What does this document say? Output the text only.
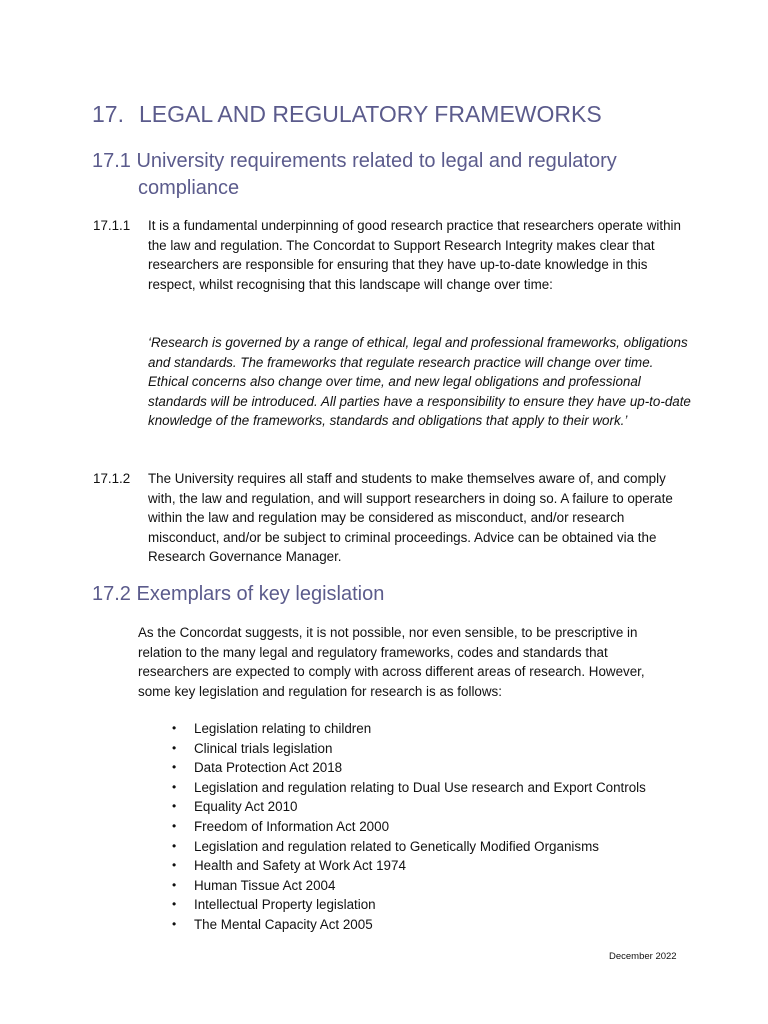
17. LEGAL AND REGULATORY FRAMEWORKS
17.1 University requirements related to legal and regulatory
compliance
17.1.1 It is a fundamental underpinning of good research practice that researchers operate within the law and regulation. The Concordat to Support Research Integrity makes clear that researchers are responsible for ensuring that they have up-to-date knowledge in this respect, whilst recognising that this landscape will change over time:

‘Research is governed by a range of ethical, legal and professional frameworks, obligations and standards. The frameworks that regulate research practice will change over time. Ethical concerns also change over time, and new legal obligations and professional standards will be introduced. All parties have a responsibility to ensure they have up-to-date knowledge of the frameworks, standards and obligations that apply to their work.’

17.1.2 The University requires all staff and students to make themselves aware of, and comply with, the law and regulation, and will support researchers in doing so. A failure to operate within the law and regulation may be considered as misconduct, and/or research misconduct, and/or be subject to criminal proceedings. Advice can be obtained via the Research Governance Manager.

17.2 Exemplars of key legislation

As the Concordat suggests, it is not possible, nor even sensible, to be prescriptive in relation to the many legal and regulatory frameworks, codes and standards that researchers are expected to comply with across different areas of research. However, some key legislation and regulation for research is as follows:

• Legislation relating to children
• Clinical trials legislation
• Data Protection Act 2018
• Legislation and regulation relating to Dual Use research and Export Controls
• Equality Act 2010
• Freedom of Information Act 2000
• Legislation and regulation related to Genetically Modified Organisms
• Health and Safety at Work Act 1974
• Human Tissue Act 2004
• Intellectual Property legislation
• The Mental Capacity Act 2005
December 2022
